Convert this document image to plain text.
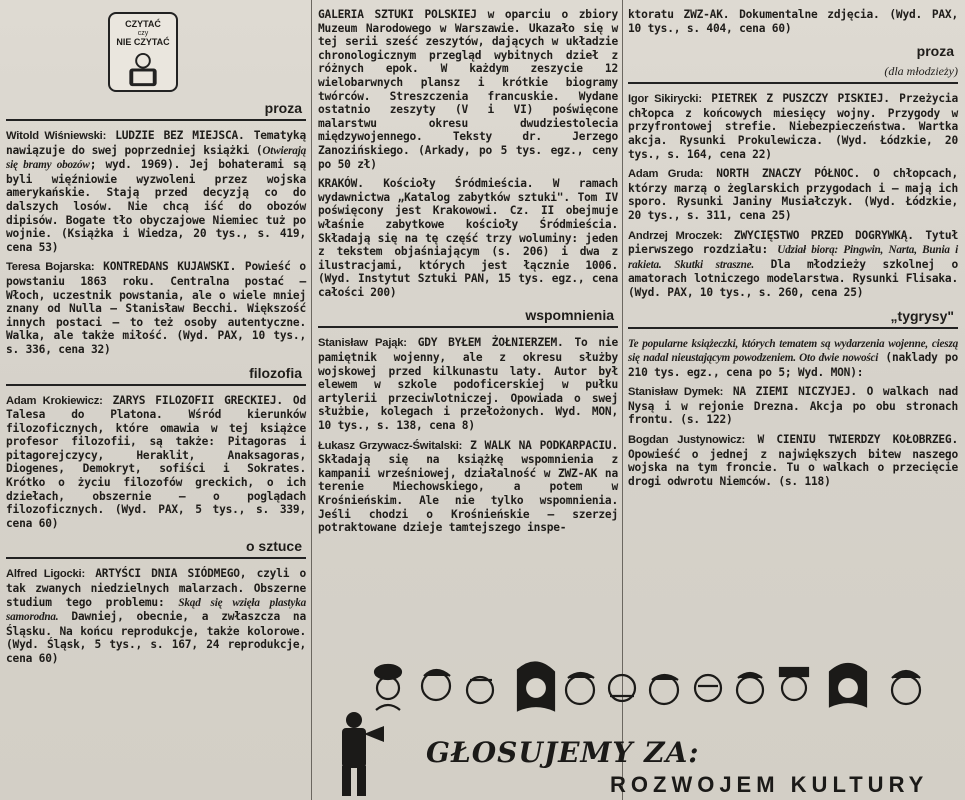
CZYTAĆ
czy
NIE CZYTAĆ
proza

Witold Wiśniewski: LUDZIE BEZ MIEJSCA. Tematyką nawiązuje do swej poprzedniej książki (Otwierają się bramy obozów; wyd. 1969). Jej bohaterami są byli więźniowie wyzwoleni przez wojska amerykańskie. Stają przed decyzją co do dalszych losów. Nie chcą iść do obozów dipisów. Bogate tło obyczajowe Niemiec tuż po wojnie. (Książka i Wiedza, 20 tys., s. 419, cena 53)

Teresa Bojarska: KONTREDANS KUJAWSKI. Powieść o powstaniu 1863 roku. Centralna postać — Włoch, uczestnik powstania, ale o wiele mniej znany od Nulla — Stanisław Becchi. Większość innych postaci — to też osoby autentyczne. Walka, ale także miłość. (Wyd. PAX, 10 tys., s. 336, cena 32)

filozofia

Adam Krokiewicz: ZARYS FILOZOFII GRECKIEJ. Od Talesa do Platona. Wśród kierunków filozoficznych, które omawia w tej książce profesor filozofii, są także: Pitagoras i pitagorejczycy, Heraklit, Anaksagoras, Diogenes, Demokryt, sofiści i Sokrates. Krótko o życiu filozofów greckich, o ich dziełach, obszernie — o poglądach filozoficznych. (Wyd. PAX, 5 tys., s. 339, cena 60)

o sztuce

Alfred Ligocki: ARTYŚCI DNIA SIÓDMEGO, czyli o tak zwanych niedzielnych malarzach. Obszerne studium tego problemu: Skąd się wzięła plastyka samorodna. Dawniej, obecnie, a zwłaszcza na Śląsku. Na końcu reprodukcje, także kolorowe. (Wyd. Śląsk, 5 tys., s. 167, 24 reprodukcje, cena 60)

GALERIA SZTUKI POLSKIEJ w oparciu o zbiory Muzeum Narodowego w Warszawie. Ukazało się w tej serii sześć zeszytów, dających w układzie chronologicznym przegląd wybitnych dzieł z różnych epok. W każdym zeszycie 12 wielobarwnych plansz i krótkie biogramy twórców. Streszczenia francuskie. Wydane ostatnio zeszyty (V i VI) poświęcone malarstwu okresu dwudziestolecia międzywojennego. Teksty dr. Jerzego Zanozińskiego. (Arkady, po 5 tys. egz., ceny po 50 zł)

KRAKÓW. Kościoły Śródmieścia. W ramach wydawnictwa „Katalog zabytków sztuki". Tom IV poświęcony jest Krakowowi. Cz. II obejmuje właśnie zabytkowe kościoły Śródmieścia. Składają się na tę część trzy woluminy: jeden z tekstem objaśniającym (s. 206) i dwa z ilustracjami, których jest łącznie 1006. (Wyd. Instytut Sztuki PAN, 15 tys. egz., cena całości 200)

wspomnienia

Stanisław Pająk: GDY BYŁEM ŻOŁNIERZEM. To nie pamiętnik wojenny, ale z okresu służby wojskowej przed kilkunastu laty. Autor był elewem w szkole podoficerskiej w pułku artylerii przeciwlotniczej. Opowiada o swej służbie, kolegach i przełożonych. Wyd. MON, 10 tys., s. 138, cena 8)

Łukasz Grzywacz-Świtalski: Z WALK NA PODKARPACIU. Składają się na książkę wspomnienia z kampanii wrześniowej, działalność w ZWZ-AK na terenie Miechowskiego, a potem w Krośnieńskim. Ale nie tylko wspomnienia. Jeśli chodzi o Krośnieńskie — szerzej potraktowane dzieje tamtejszego inspe-

ktoratu ZWZ-AK. Dokumentalne zdjęcia. (Wyd. PAX, 10 tys., s. 404, cena 60)

proza
(dla młodzieży)

Igor Sikirycki: PIETREK Z PUSZCZY PISKIEJ. Przeżycia chłopca z końcowych miesięcy wojny. Przygody w przyfrontowej strefie. Niebezpieczeństwa. Wartka akcja. Rysunki Prokulewicza. (Wyd. Łódzkie, 20 tys., s. 164, cena 22)

Adam Gruda: NORTH ZNACZY PÓŁNOC. O chłopcach, którzy marzą o żeglarskich przygodach i — mają ich sporo. Rysunki Janiny Musiałczyk. (Wyd. Łódzkie, 20 tys., s. 311, cena 25)

Andrzej Mroczek: ZWYCIĘSTWO PRZED DOGRYWKĄ. Tytuł pierwszego rozdziału: Udział biorą: Pingwin, Narta, Bunia i rakieta. Skutki straszne. Dla młodzieży szkolnej o amatorach lotniczego modelarstwa. Rysunki Flisaka. (Wyd. PAX, 10 tys., s. 260, cena 25)

„tygrysy"

Te popularne książeczki, których tematem są wydarzenia wojenne, cieszą się nadal nieustającym powodzeniem. Oto dwie nowości (naklady po 210 tys. egz., cena po 5; Wyd. MON):

Stanisław Dymek: NA ZIEMI NICZYJEJ. O walkach nad Nysą i w rejonie Drezna. Akcja po obu stronach frontu. (s. 122)

Bogdan Justynowicz: W CIENIU TWIERDZY KOŁOBRZEG. Opowieść o jednej z największych bitew naszego wojska na tym froncie. Tu o walkach o przecięcie drogi odwrotu Niemców. (s. 118)

GŁOSUJEMY ZA:
ROZWOJEM KULTURY
